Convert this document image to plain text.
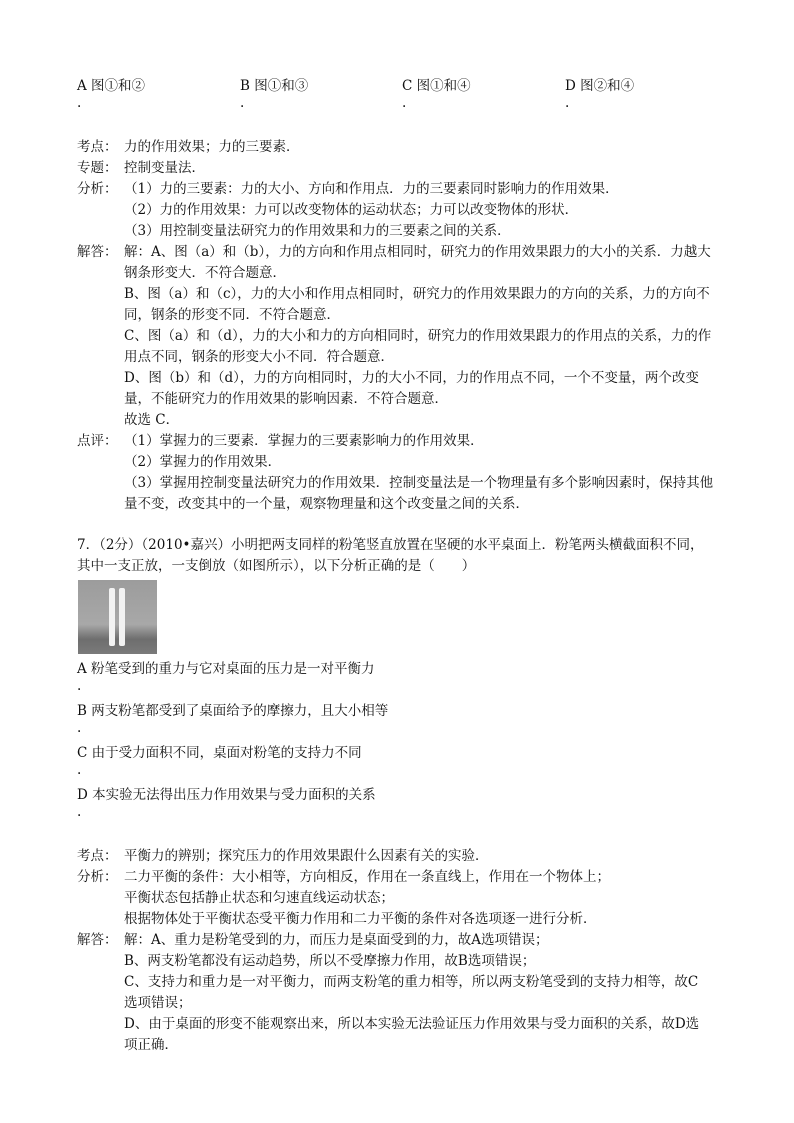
A 图①和②
.
B 图①和③
.
C 图①和④
.
D 图②和④
.
考点： 力的作用效果；力的三要素．
专题： 控制变量法．
分析： （1）力的三要素：力的大小、方向和作用点．力的三要素同时影响力的作用效果．
（2）力的作用效果：力可以改变物体的运动状态；力可以改变物体的形状．
（3）用控制变量法研究力的作用效果和力的三要素之间的关系．
解答： 解：A、图（a）和（b），力的方向和作用点相同时，研究力的作用效果跟力的大小的关系．力越大
钢条形变大．不符合题意．
B、图（a）和（c），力的大小和作用点相同时，研究力的作用效果跟力的方向的关系，力的方向不
同，钢条的形变不同．不符合题意．
C、图（a）和（d），力的大小和力的方向相同时，研究力的作用效果跟力的作用点的关系，力的作
用点不同，钢条的形变大小不同．符合题意．
D、图（b）和（d），力的方向相同时，力的大小不同，力的作用点不同，一个不变量，两个改变
量，不能研究力的作用效果的影响因素．不符合题意．
故选 C．
点评： （1）掌握力的三要素．掌握力的三要素影响力的作用效果．
（2）掌握力的作用效果．
（3）掌握用控制变量法研究力的作用效果．控制变量法是一个物理量有多个影响因素时，保持其他
量不变，改变其中的一个量，观察物理量和这个改变量之间的关系．
7．（2分）（2010•嘉兴）小明把两支同样的粉笔竖直放置在坚硬的水平桌面上．粉笔两头横截面积不同，
其中一支正放，一支倒放（如图所示），以下分析正确的是（　　）
A 粉笔受到的重力与它对桌面的压力是一对平衡力
.
B 两支粉笔都受到了桌面给予的摩擦力，且大小相等
.
C 由于受力面积不同，桌面对粉笔的支持力不同
.
D 本实验无法得出压力作用效果与受力面积的关系
.
考点： 平衡力的辨别；探究压力的作用效果跟什么因素有关的实验．
分析： 二力平衡的条件：大小相等，方向相反，作用在一条直线上，作用在一个物体上；
平衡状态包括静止状态和匀速直线运动状态；
根据物体处于平衡状态受平衡力作用和二力平衡的条件对各选项逐一进行分析．
解答： 解：A、重力是粉笔受到的力，而压力是桌面受到的力，故A选项错误；
B、两支粉笔都没有运动趋势，所以不受摩擦力作用，故B选项错误；
C、支持力和重力是一对平衡力，而两支粉笔的重力相等，所以两支粉笔受到的支持力相等，故C
选项错误；
D、由于桌面的形变不能观察出来，所以本实验无法验证压力作用效果与受力面积的关系，故D选
项正确．
